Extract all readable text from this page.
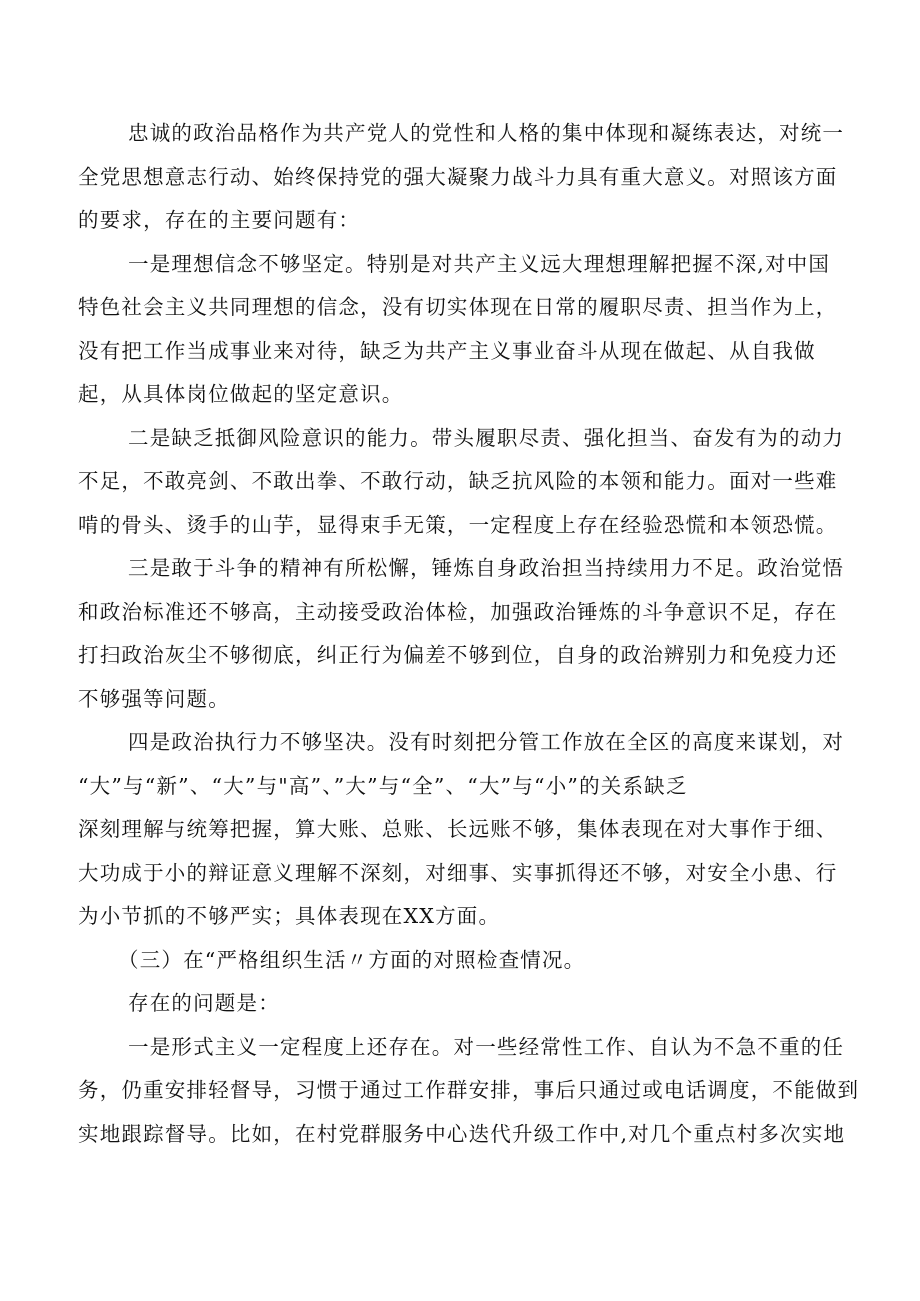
忠诚的政治品格作为共产党人的党性和人格的集中体现和凝练表达，对统一
全党思想意志行动、始终保持党的强大凝聚力战斗力具有重大意义。对照该方面
的要求，存在的主要问题有：

一是理想信念不够坚定。特别是对共产主义远大理想理解把握不深,对中国
特色社会主义共同理想的信念，没有切实体现在日常的履职尽责、担当作为上，
没有把工作当成事业来对待，缺乏为共产主义事业奋斗从现在做起、从自我做
起，从具体岗位做起的坚定意识。

二是缺乏抵御风险意识的能力。带头履职尽责、强化担当、奋发有为的动力
不足，不敢亮剑、不敢出拳、不敢行动，缺乏抗风险的本领和能力。面对一些难
啃的骨头、烫手的山芋，显得束手无策，一定程度上存在经验恐慌和本领恐慌。

三是敢于斗争的精神有所松懈，锤炼自身政治担当持续用力不足。政治觉悟
和政治标准还不够高，主动接受政治体检，加强政治锤炼的斗争意识不足，存在
打扫政治灰尘不够彻底，纠正行为偏差不够到位，自身的政治辨别力和免疫力还
不够强等问题。

四是政治执行力不够坚决。没有时刻把分管工作放在全区的高度来谋划，对
“大”与“新”、“大”与"高”、”大”与“全”、“大”与“小”的关系缺乏
深刻理解与统筹把握，算大账、总账、长远账不够，集体表现在对大事作于细、
大功成于小的辩证意义理解不深刻，对细事、实事抓得还不够，对安全小患、行
为小节抓的不够严实；具体表现在XX方面。

（三）在“严格组织生活〃方面的对照检查情况。

存在的问题是：

一是形式主义一定程度上还存在。对一些经常性工作、自认为不急不重的任
务，仍重安排轻督导，习惯于通过工作群安排，事后只通过或电话调度，不能做到
实地跟踪督导。比如，在村党群服务中心迭代升级工作中,对几个重点村多次实地
